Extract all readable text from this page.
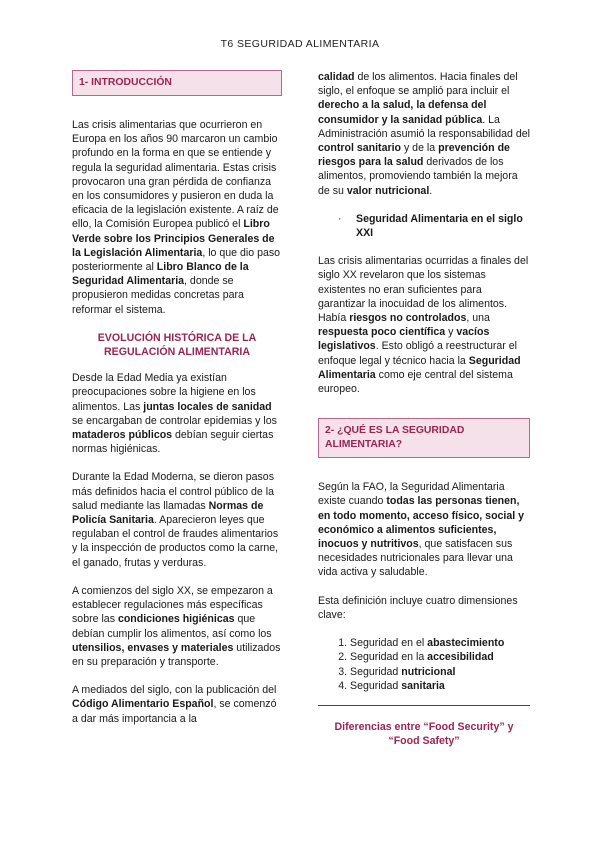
T6 SEGURIDAD ALIMENTARIA
1- INTRODUCCIÓN

Las crisis alimentarias que ocurrieron en Europa en los años 90 marcaron un cambio profundo en la forma en que se entiende y regula la seguridad alimentaria. Estas crisis provocaron una gran pérdida de confianza en los consumidores y pusieron en duda la eficacia de la legislación existente. A raíz de ello, la Comisión Europea publicó el Libro Verde sobre los Principios Generales de la Legislación Alimentaria, lo que dio paso posteriormente al Libro Blanco de la Seguridad Alimentaria, donde se propusieron medidas concretas para reformar el sistema.

EVOLUCIÓN HISTÓRICA DE LA REGULACIÓN ALIMENTARIA

Desde la Edad Media ya existían preocupaciones sobre la higiene en los alimentos. Las juntas locales de sanidad se encargaban de controlar epidemias y los mataderos públicos debían seguir ciertas normas higiénicas.

Durante la Edad Moderna, se dieron pasos más definidos hacia el control público de la salud mediante las llamadas Normas de Policía Sanitaria. Aparecieron leyes que regulaban el control de fraudes alimentarios y la inspección de productos como la carne, el ganado, frutas y verduras.

A comienzos del siglo XX, se empezaron a establecer regulaciones más específicas sobre las condiciones higiénicas que debían cumplir los alimentos, así como los utensilios, envases y materiales utilizados en su preparación y transporte.

A mediados del siglo, con la publicación del Código Alimentario Español, se comenzó a dar más importancia a la

calidad de los alimentos. Hacia finales del siglo, el enfoque se amplió para incluir el derecho a la salud, la defensa del consumidor y la sanidad pública. La Administración asumió la responsabilidad del control sanitario y de la prevención de riesgos para la salud derivados de los alimentos, promoviendo también la mejora de su valor nutricional.

·	Seguridad Alimentaria en el siglo XXI

Las crisis alimentarias ocurridas a finales del siglo XX revelaron que los sistemas existentes no eran suficientes para garantizar la inocuidad de los alimentos. Había riesgos no controlados, una respuesta poco científica y vacíos legislativos. Esto obligó a reestructurar el enfoque legal y técnico hacia la Seguridad Alimentaria como eje central del sistema europeo.

2- ¿QUÉ ES LA SEGURIDAD ALIMENTARIA?

Según la FAO, la Seguridad Alimentaria existe cuando todas las personas tienen, en todo momento, acceso físico, social y económico a alimentos suficientes, inocuos y nutritivos, que satisfacen sus necesidades nutricionales para llevar una vida activa y saludable.

Esta definición incluye cuatro dimensiones clave:

1. Seguridad en el abastecimiento
2. Seguridad en la accesibilidad
3. Seguridad nutricional
4. Seguridad sanitaria
Diferencias entre “Food Security” y “Food Safety”
